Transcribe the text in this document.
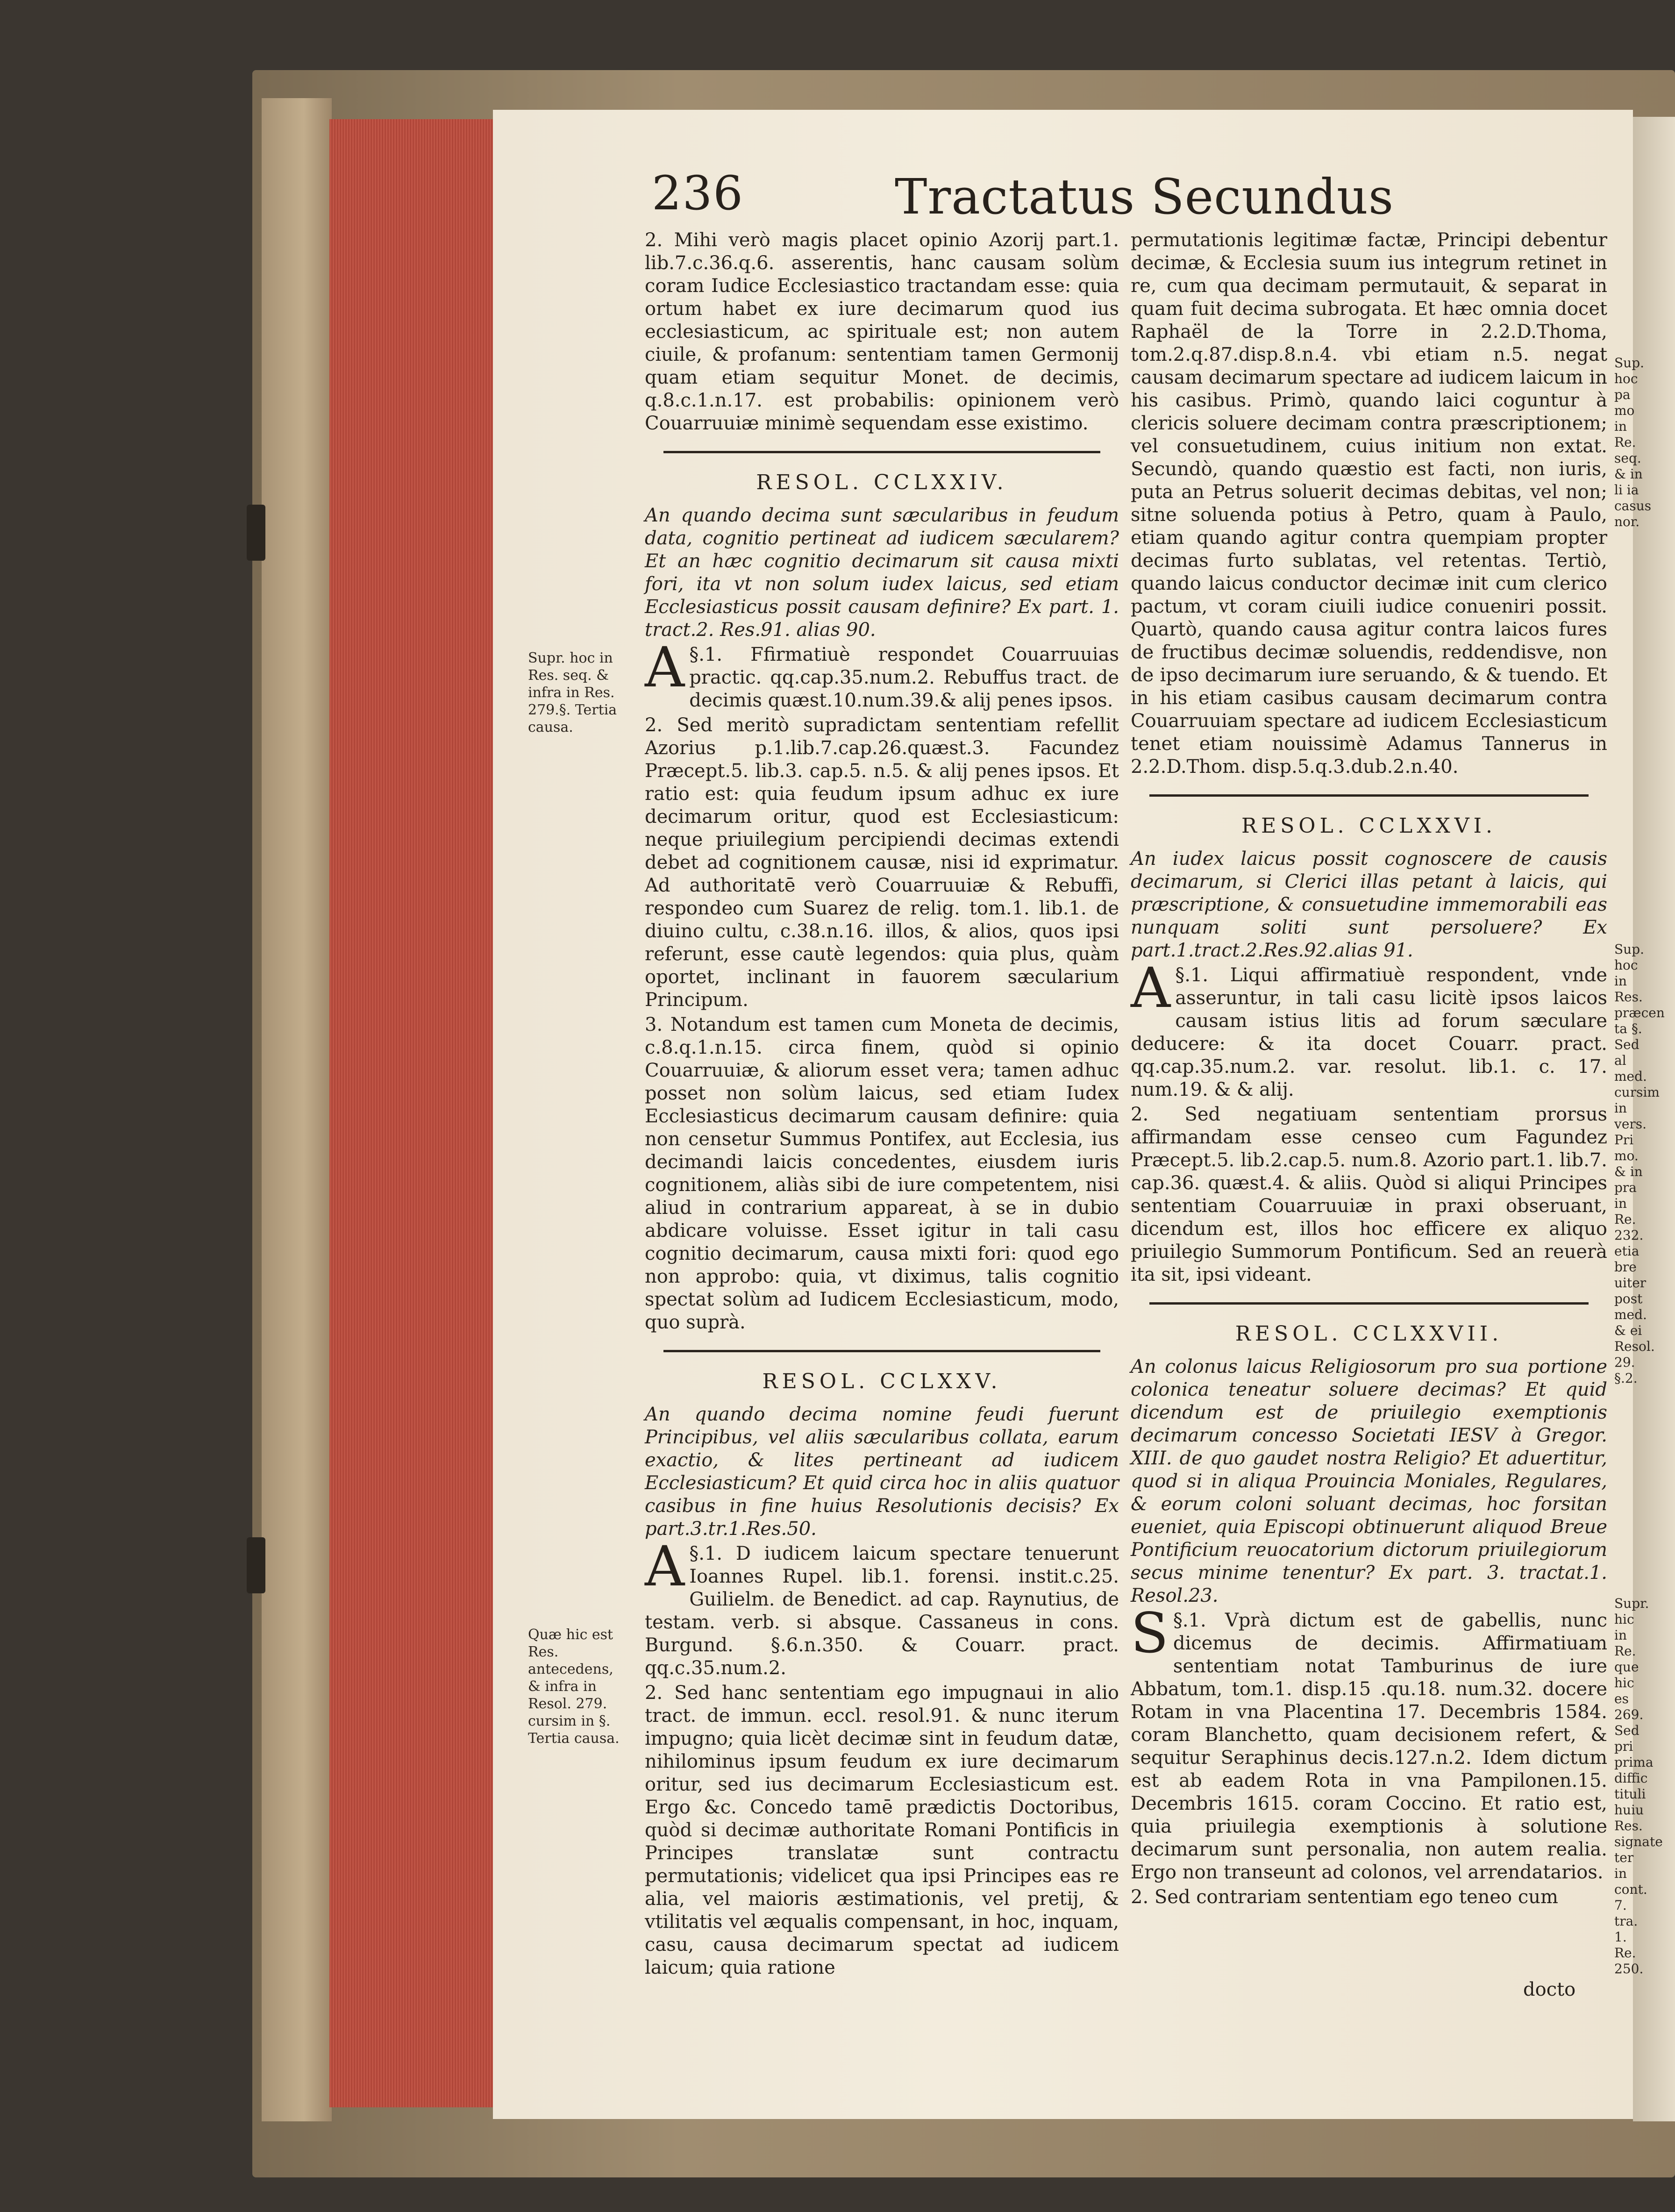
236	Tractatus Secundus

2. Mihi verò magis placet opinio Azorij part.1. lib.7.c.36.q.6. asserentis, hanc causam solùm coram Iudice Ecclesiastico tractandam esse: quia ortum habet ex iure decimarum quod ius ecclesiasticum, ac spirituale est; non autem ciuile, & profanum: sententiam tamen Germonij quam etiam sequitur Monet. de decimis, q.8.c.1.n.17. est probabilis: opinionem verò Couarruuiæ minimè sequendam esse existimo.

RESOL. CCLXXIV.

An quando decima sunt sæcularibus in feudum data, cognitio pertineat ad iudicem sæcularem? Et an hæc cognitio decimarum sit causa mixti fori, ita vt non solum iudex laicus, sed etiam Ecclesiasticus possit causam definire? Ex part. 1. tract.2. Res.91. alias 90.

§.1.
A	Ffirmatiuè respondet Couarruuias practic. qq.cap.35.num.2. Rebuffus tract. de decimis quæst.10.num.39.& alij penes ipsos.

2. Sed meritò supradictam sententiam refellit Azorius p.1.lib.7.cap.26.quæst.3. Facundez Præcept.5. lib.3. cap.5. n.5. & alij penes ipsos. Et ratio est: quia feudum ipsum adhuc ex iure decimarum oritur, quod est Ecclesiasticum: neque priuilegium percipiendi decimas extendi debet ad cognitionem causæ, nisi id exprimatur. Ad authoritatē verò Couarruuiæ & Rebuffi, respondeo cum Suarez de relig. tom.1. lib.1. de diuino cultu, c.38.n.16. illos, & alios, quos ipsi referunt, esse cautè legendos: quia plus, quàm oportet, inclinant in fauorem sæcularium Principum.

3. Notandum est tamen cum Moneta de decimis, c.8.q.1.n.15. circa finem, quòd si opinio Couarruuiæ, & aliorum esset vera; tamen adhuc posset non solùm laicus, sed etiam Iudex Ecclesiasticus decimarum causam definire: quia non censetur Summus Pontifex, aut Ecclesia, ius decimandi laicis concedentes, eiusdem iuris cognitionem, aliàs sibi de iure competentem, nisi aliud in contrarium appareat, à se in dubio abdicare voluisse. Esset igitur in tali casu cognitio decimarum, causa mixti fori: quod ego non approbo: quia, vt diximus, talis cognitio spectat solùm ad Iudicem Ecclesiasticum, modo, quo suprà.

RESOL. CCLXXV.

An quando decima nomine feudi fuerunt Principibus, vel aliis sæcularibus collata, earum exactio, & lites pertineant ad iudicem Ecclesiasticum? Et quid circa hoc in aliis quatuor casibus in fine huius Resolutionis decisis? Ex part.3.tr.1.Res.50.

§.1.
A	D iudicem laicum spectare tenuerunt Ioannes Rupel. lib.1. forensi. instit.c.25. Guilielm. de Benedict. ad cap. Raynutius, de testam. verb. si absque. Cassaneus in cons. Burgund. §.6.n.350. & Couarr. pract. qq.c.35.num.2.

2. Sed hanc sententiam ego impugnaui in alio tract. de immun. eccl. resol.91. & nunc iterum impugno; quia licèt decimæ sint in feudum datæ, nihilominus ipsum feudum ex iure decimarum oritur, sed ius decimarum Ecclesiasticum est. Ergo &c. Concedo tamē prædictis Doctoribus, quòd si decimæ authoritate Romani Pontificis in Principes translatæ sunt contractu permutationis; videlicet qua ipsi Principes eas re alia, vel maioris æstimationis, vel pretij, & vtilitatis vel æqualis compensant, in hoc, inquam, casu, causa decimarum spectat ad iudicem laicum; quia ratione

permutationis legitimæ factæ, Principi debentur decimæ, & Ecclesia suum ius integrum retinet in re, cum qua decimam permutauit, & separat in quam fuit decima subrogata. Et hæc omnia docet Raphaël de la Torre in 2.2.D.Thoma, tom.2.q.87.disp.8.n.4. vbi etiam n.5. negat causam decimarum spectare ad iudicem laicum in his casibus. Primò, quando laici coguntur à clericis soluere decimam contra præscriptionem; vel consuetudinem, cuius initium non extat. Secundò, quando quæstio est facti, non iuris, puta an Petrus soluerit decimas debitas, vel non; sitne soluenda potius à Petro, quam à Paulo, etiam quando agitur contra quempiam propter decimas furto sublatas, vel retentas. Tertiò, quando laicus conductor decimæ init cum clerico pactum, vt coram ciuili iudice conueniri possit. Quartò, quando causa agitur contra laicos fures de fructibus decimæ soluendis, reddendisve, non de ipso decimarum iure seruando, & & tuendo. Et in his etiam casibus causam decimarum contra Couarruuiam spectare ad iudicem Ecclesiasticum tenet etiam nouissimè Adamus Tannerus in 2.2.D.Thom. disp.5.q.3.dub.2.n.40.

RESOL. CCLXXVI.

An iudex laicus possit cognoscere de causis decimarum, si Clerici illas petant à laicis, qui præscriptione, & consuetudine immemorabili eas nunquam soliti sunt persoluere? Ex part.1.tract.2.Res.92.alias 91.

§.1.
A	Liqui affirmatiuè respondent, vnde asseruntur, in tali casu licitè ipsos laicos causam istius litis ad forum sæculare deducere: & ita docet Couarr. pract. qq.cap.35.num.2. var. resolut. lib.1. c. 17. num.19. & & alij.

2. Sed negatiuam sententiam prorsus affirmandam esse censeo cum Fagundez Præcept.5. lib.2.cap.5. num.8. Azorio part.1. lib.7. cap.36. quæst.4. & aliis. Quòd si aliqui Principes sententiam Couarruuiæ in praxi obseruant, dicendum est, illos hoc efficere ex aliquo priuilegio Summorum Pontificum. Sed an reuerà ita sit, ipsi videant.

RESOL. CCLXXVII.

An colonus laicus Religiosorum pro sua portione colonica teneatur soluere decimas? Et quid dicendum est de priuilegio exemptionis decimarum concesso Societati IESV à Gregor. XIII. de quo gaudet nostra Religio? Et aduertitur, quod si in aliqua Prouincia Moniales, Regulares, & eorum coloni soluant decimas, hoc forsitan eueniet, quia Episcopi obtinuerunt aliquod Breue Pontificium reuocatorium dictorum priuilegiorum secus minime tenentur? Ex part. 3. tractat.1. Resol.23.

§.1.
S	Vprà dictum est de gabellis, nunc dicemus de decimis. Affirmatiuam sententiam notat Tamburinus de iure Abbatum, tom.1. disp.15 .qu.18. num.32. docere Rotam in vna Placentina 17. Decembris 1584. coram Blanchetto, quam decisionem refert, & sequitur Seraphinus decis.127.n.2. Idem dictum est ab eadem Rota in vna Pampilonen.15. Decembris 1615. coram Coccino. Et ratio est, quia priuilegia exemptionis à solutione decimarum sunt personalia, non autem realia. Ergo non transeunt ad colonos, vel arrendatarios.

2. Sed contrariam sententiam ego teneo cum

docto
Supr. hoc in Res. seq. & infra in Res. 279.§. Tertia causa.
Quæ hic est Res. antecedens, & infra in Resol. 279. cursim in §. Tertia causa.
Sup. hoc pa mo in Re. seq. & in li ia casus nor.
Sup. hoc in Res. præcen ta §. Sed al med. cursim in vers. Pri mo. & in pra in Re. 232. etia bre uiter post med. & ei Resol. 29. §.2.
Supr. hic in Re. que hic es 269. Sed pri prima diffic tituli huiu Res. signate ter in cont. 7. tra. 1. Re. 250.
